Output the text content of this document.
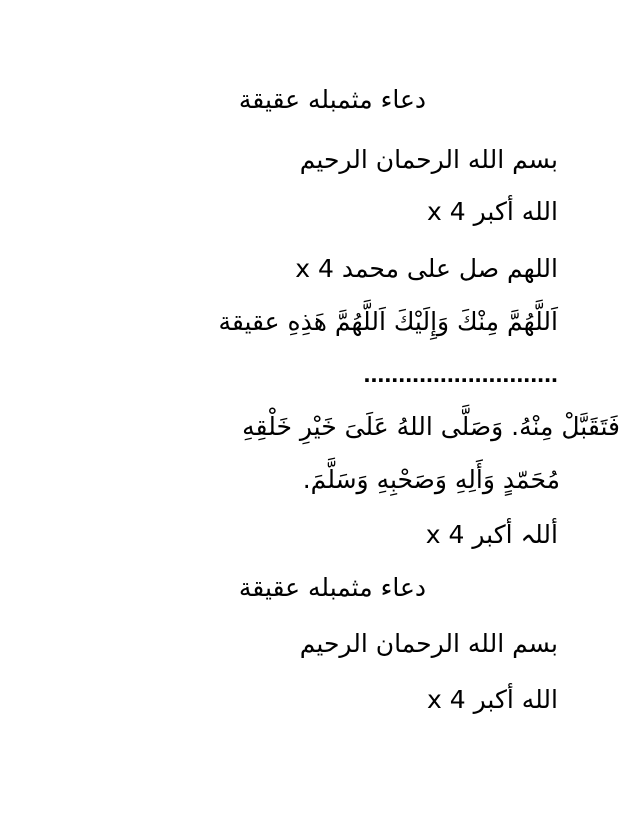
دعاء مثمبله عقيقة
بسم الله الرحمان الرحيم
الله أكبر x 4
اللهم صل على محمد x 4
اَللَّهُمَّ مِنْكَ وَإِلَيْكَ اَللَّهُمَّ هَذِهِ عقيقة
............................
فَتَقَبَّلْ مِنْهُ. وَصَلَّى اللهُ عَلَىَ خَيْرِ خَلْقِهِ
مُحَمّدٍ وَأَلِهِ وَصَحْبِهِ وَسَلَّمَ.
أللہ أكبر x 4
دعاء مثمبله عقيقة
بسم الله الرحمان الرحيم
الله أكبر x 4
